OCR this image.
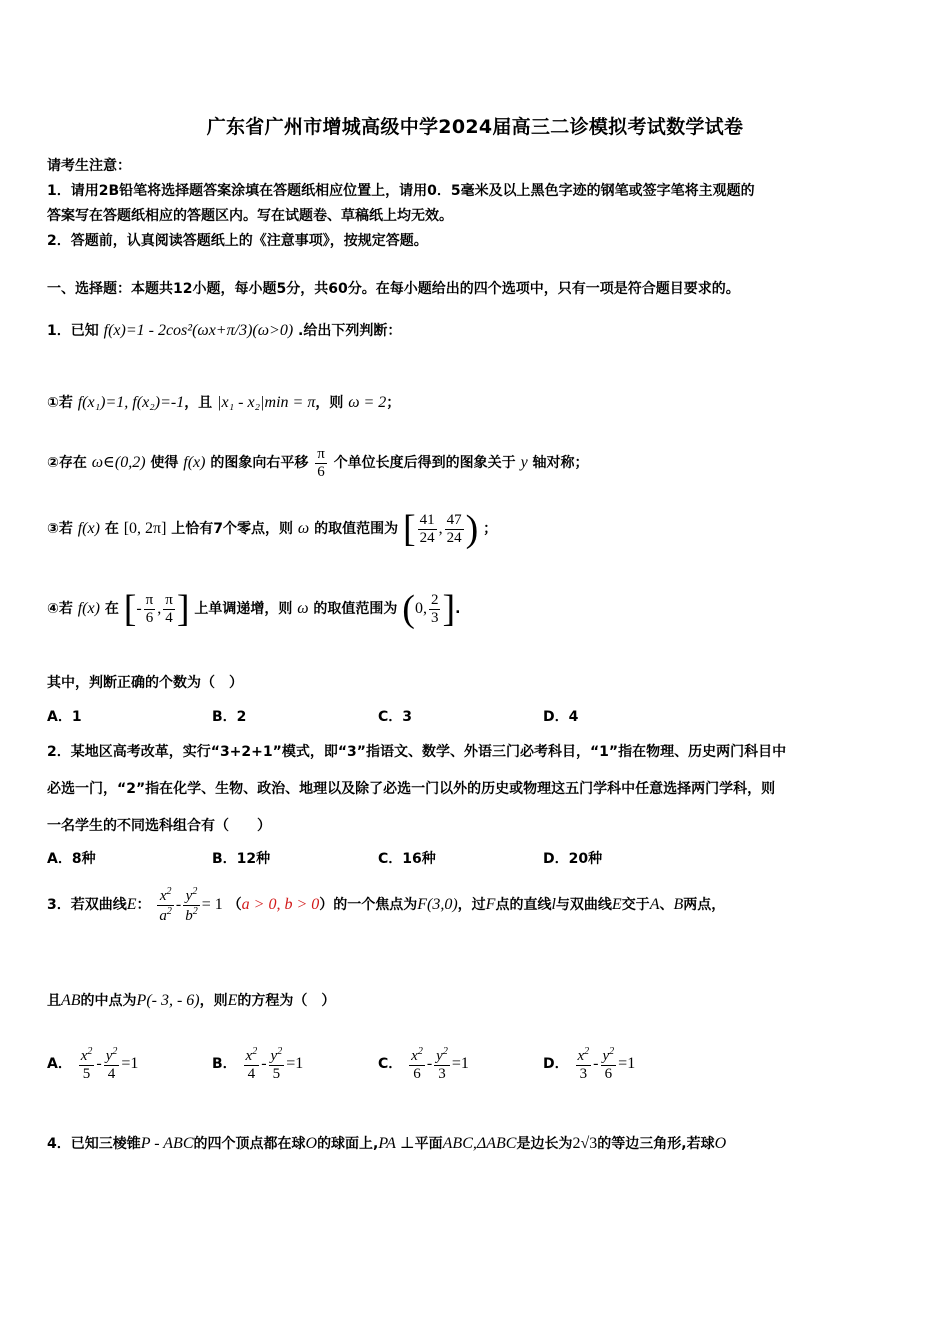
广东省广州市增城高级中学2024届高三二诊模拟考试数学试卷
请考生注意：
1．请用2B铅笔将选择题答案涂填在答题纸相应位置上，请用0．5毫米及以上黑色字迹的钢笔或签字笔将主观题的
答案写在答题纸相应的答题区内。写在试题卷、草稿纸上均无效。
2．答题前，认真阅读答题纸上的《注意事项》，按规定答题。
一、选择题：本题共12小题，每小题5分，共60分。在每小题给出的四个选项中，只有一项是符合题目要求的。
1．已知 f(x)=1 - 2cos²(ωx+π/3)(ω>0) .给出下列判断：
①若 f(x₁)=1, f(x₂)=-1，且 |x₁ - x₂|min = π，则 ω = 2；
②存在 ω∈(0,2) 使得 f(x) 的图象向右平移 $\frac{\pi}{6}$ 个单位长度后得到的图象关于 y 轴对称；
③若 f(x) 在 [0, 2π] 上恰有7个零点，则 ω 的取值范围为 [ $\frac{41}{24}$ , $\frac{47}{24}$ ) ；
④若 f(x) 在 [- $\frac{\pi}{6}$ , $\frac{\pi}{4}$ ] 上单调递增，则 ω 的取值范围为 (0, $\frac{2}{3}$ ].
其中，判断正确的个数为（　）
A．1	B．2	C．3	D．4
2．某地区高考改革，实行“3+2+1”模式，即“3”指语文、数学、外语三门必考科目，“1”指在物理、历史两门科目中
必选一门，“2”指在化学、生物、政治、地理以及除了必选一门以外的历史或物理这五门学科中任意选择两门学科，则
一名学生的不同选科组合有（　　）
A．8种	B．12种	C．16种	D．20种
3．若双曲线E： $\frac{x^2}{a^2} - \frac{y^2}{b^2} = 1$ （a > 0, b > 0）的一个焦点为F(3,0)，过F点的直线l与双曲线E交于A、B两点，
且AB的中点为P(- 3, - 6)，则E的方程为（　）
A． $\frac{x^2}{5} - \frac{y^2}{4} =1$	B． $\frac{x^2}{4} - \frac{y^2}{5} =1$	C． $\frac{x^2}{6} - \frac{y^2}{3} =1$	D． $\frac{x^2}{3} - \frac{y^2}{6} =1$
4．已知三棱锥P - ABC的四个顶点都在球O的球面上,PA ⊥平面ABC,ΔABC是边长为2√3的等边三角形,若球O
